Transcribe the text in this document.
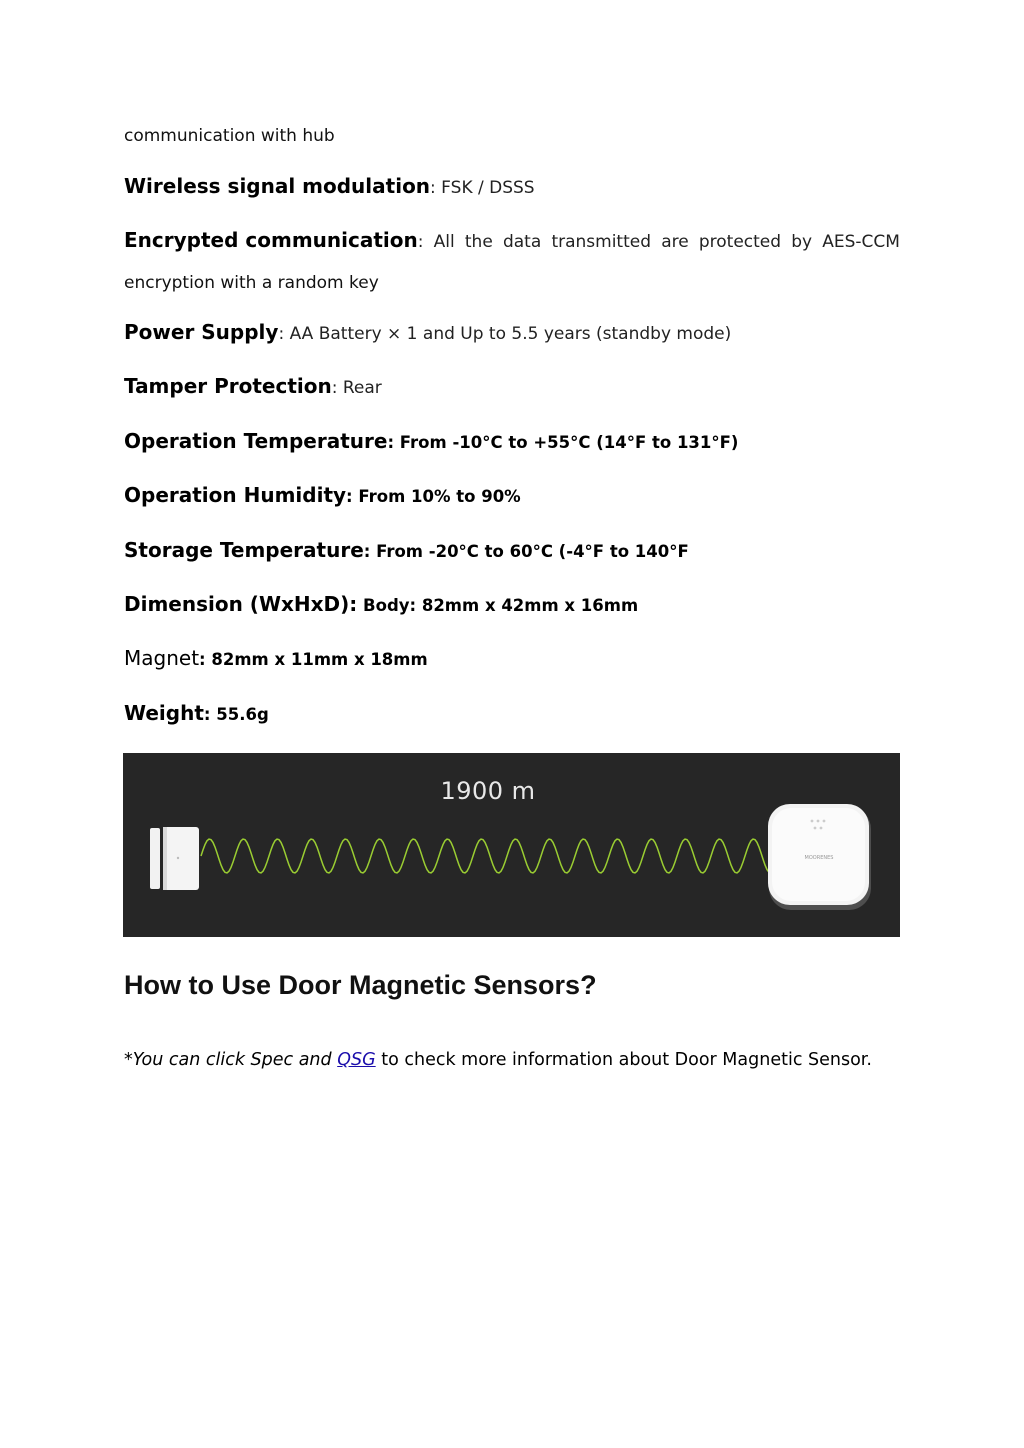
communication with hub
Wireless signal modulation: FSK / DSSS
Encrypted communication: All the data transmitted are protected by AES-CCM
encryption with a random key
Power Supply: AA Battery × 1 and Up to 5.5 years (standby mode)
Tamper Protection: Rear
Operation Temperature: From -10°C to +55°C (14°F to 131°F)
Operation Humidity: From 10% to 90%
Storage Temperature: From -20°C to 60°C (-4°F to 140°F
Dimension (WxHxD): Body: 82mm x 42mm x 16mm
Magnet: 82mm x 11mm x 18mm
Weight: 55.6g
1900 m
MOORENES
How to Use Door Magnetic Sensors?
*You can click Spec and QSG to check more information about Door Magnetic Sensor.
